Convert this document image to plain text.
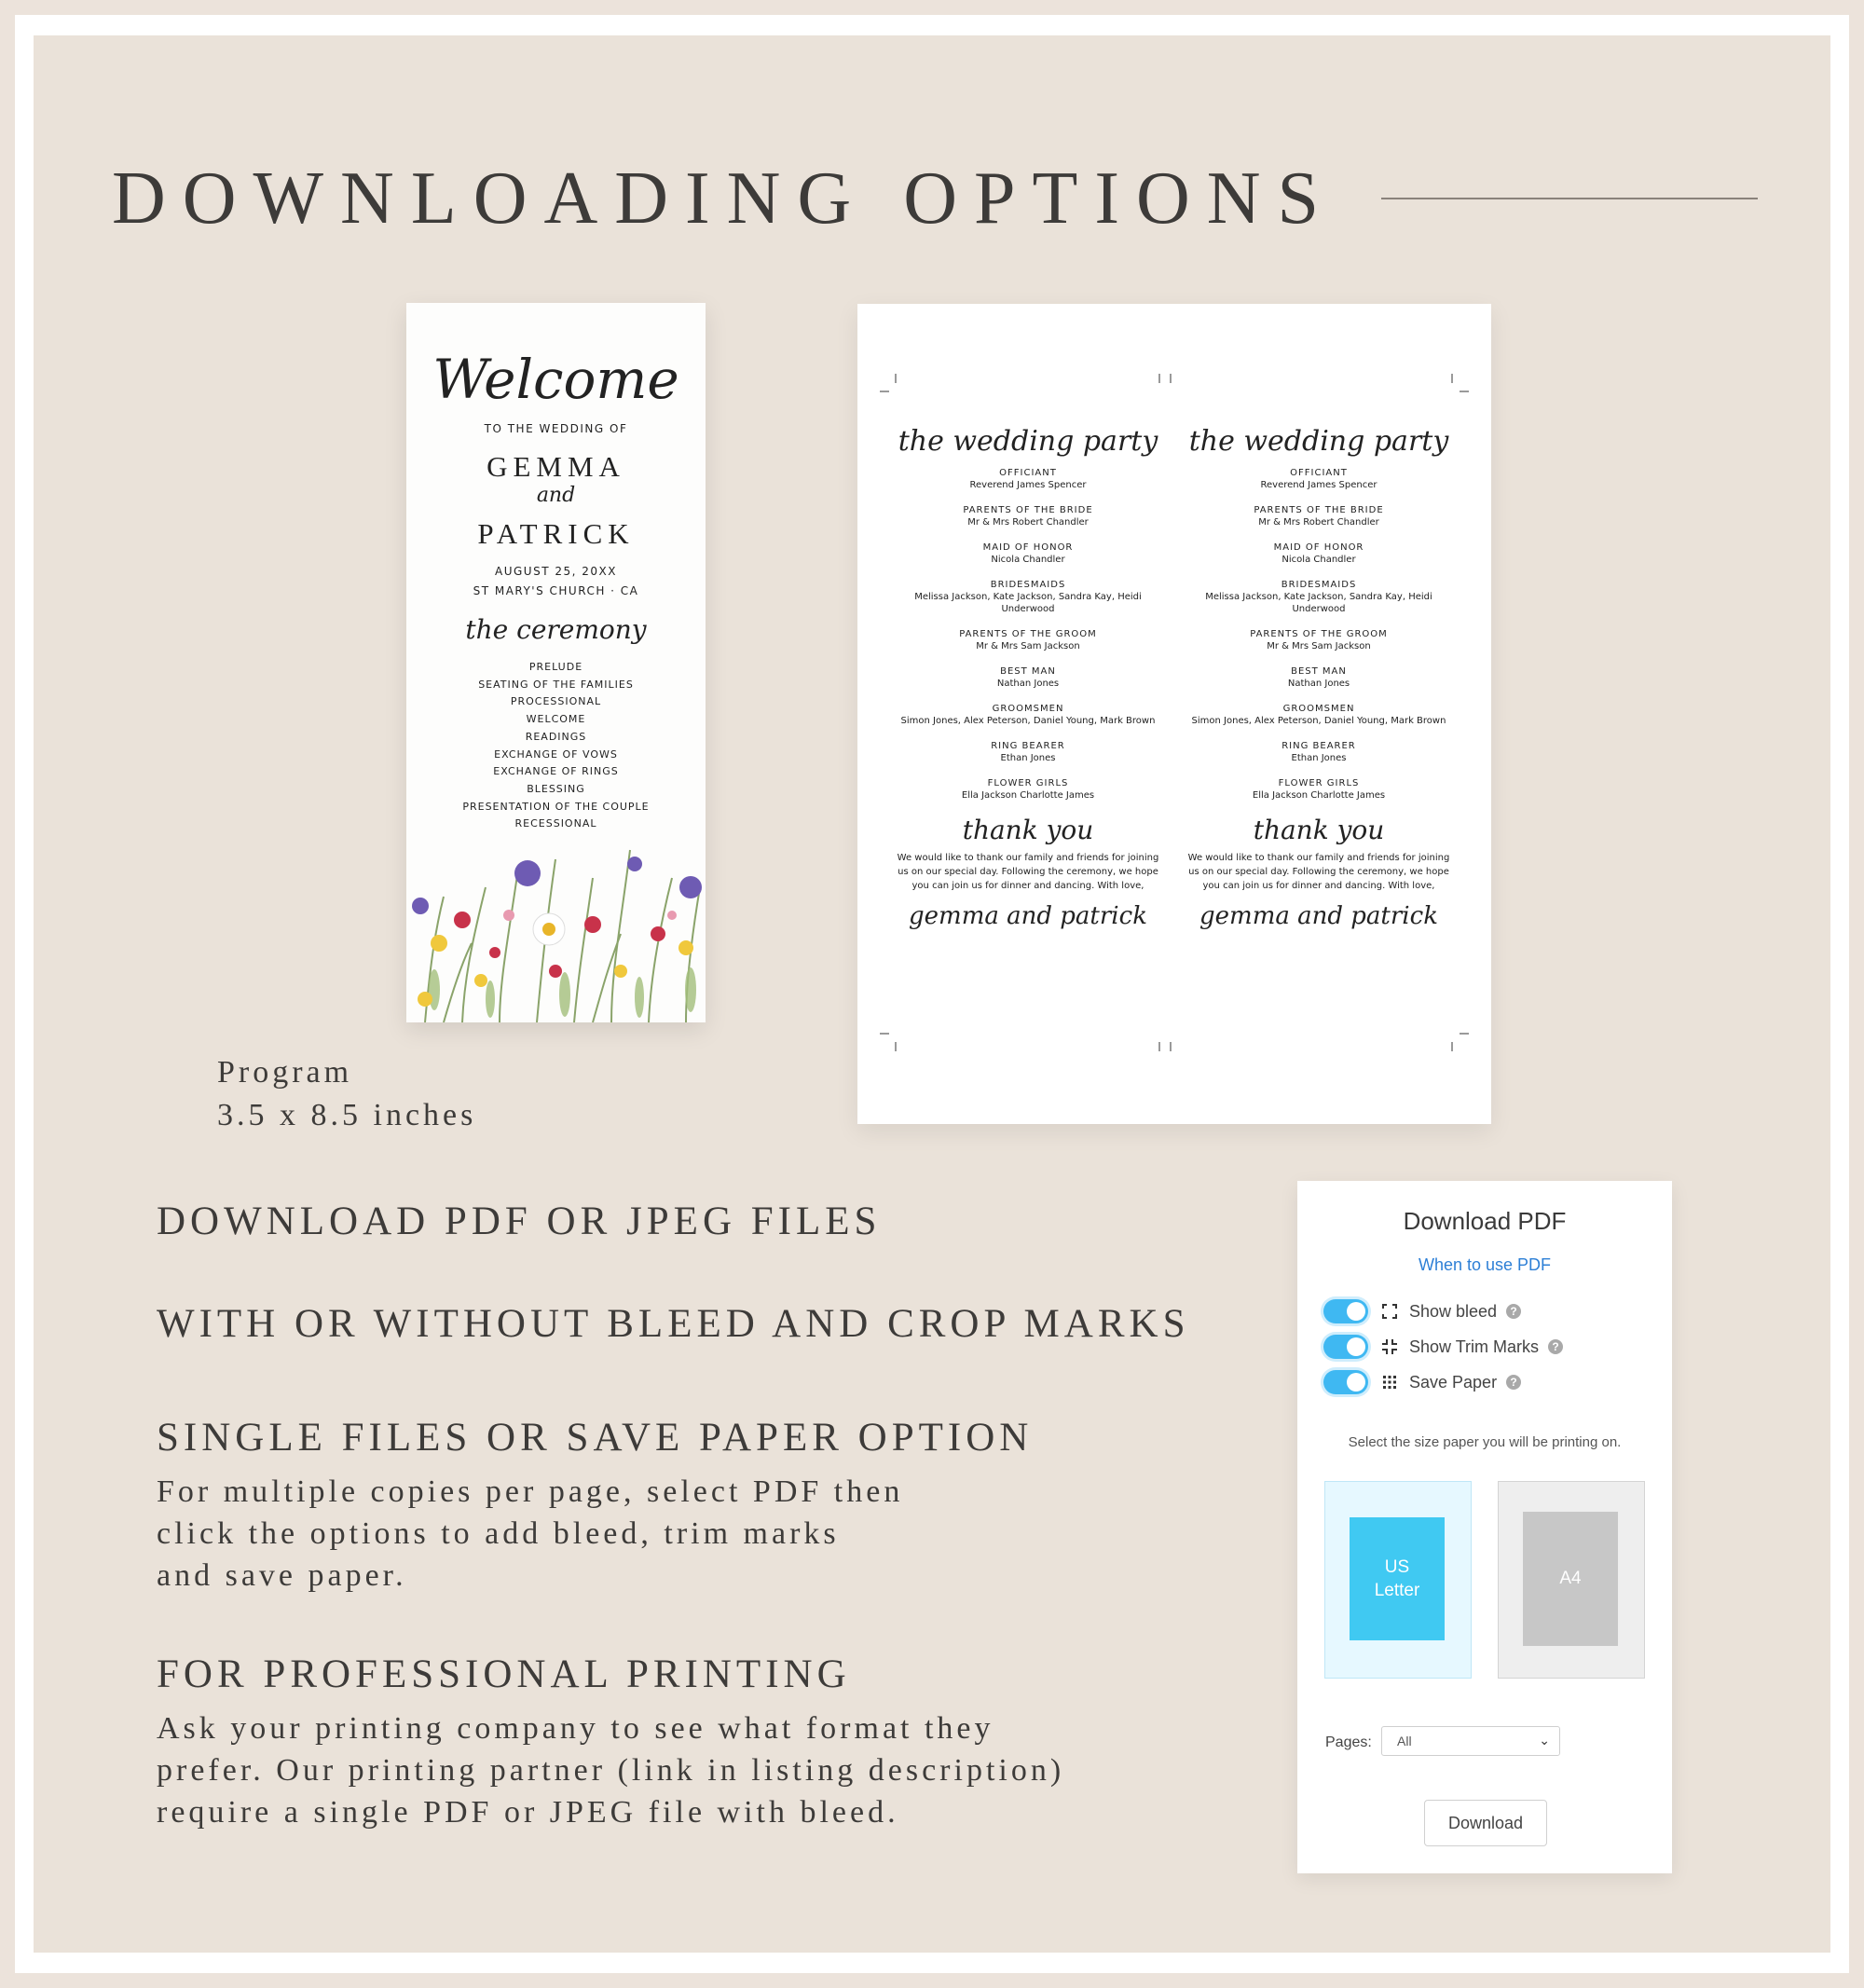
DOWNLOADING OPTIONS
Welcome
TO THE WEDDING OF
GEMMA
and
PATRICK
AUGUST 25, 20XX
ST MARY'S CHURCH · CA
the ceremony
PRELUDE
SEATING OF THE FAMILIES
PROCESSIONAL
WELCOME
READINGS
EXCHANGE OF VOWS
EXCHANGE OF RINGS
BLESSING
PRESENTATION OF THE COUPLE
RECESSIONAL
Program
3.5 x 8.5 inches
the wedding party
OFFICIANT
Reverend James Spencer
PARENTS OF THE BRIDE
Mr & Mrs Robert Chandler
MAID OF HONOR
Nicola Chandler
BRIDESMAIDS
Melissa Jackson, Kate Jackson, Sandra Kay, Heidi Underwood
PARENTS OF THE GROOM
Mr & Mrs Sam Jackson
BEST MAN
Nathan Jones
GROOMSMEN
Simon Jones, Alex Peterson, Daniel Young, Mark Brown
RING BEARER
Ethan Jones
FLOWER GIRLS
Ella Jackson Charlotte James
thank you
We would like to thank our family and friends for joining us on our special day. Following the ceremony, we hope you can join us for dinner and dancing. With love,
gemma and patrick
the wedding party
OFFICIANT
Reverend James Spencer
PARENTS OF THE BRIDE
Mr & Mrs Robert Chandler
MAID OF HONOR
Nicola Chandler
BRIDESMAIDS
Melissa Jackson, Kate Jackson, Sandra Kay, Heidi Underwood
PARENTS OF THE GROOM
Mr & Mrs Sam Jackson
BEST MAN
Nathan Jones
GROOMSMEN
Simon Jones, Alex Peterson, Daniel Young, Mark Brown
RING BEARER
Ethan Jones
FLOWER GIRLS
Ella Jackson Charlotte James
thank you
We would like to thank our family and friends for joining us on our special day. Following the ceremony, we hope you can join us for dinner and dancing. With love,
gemma and patrick
DOWNLOAD PDF OR JPEG FILES
WITH OR WITHOUT BLEED AND CROP MARKS
SINGLE FILES OR SAVE PAPER OPTION
For multiple copies per page, select PDF then
click the options to add bleed, trim marks
and save paper.
FOR PROFESSIONAL PRINTING
Ask your printing company to see what format they
prefer. Our printing partner (link in listing description)
require a single PDF or JPEG file with bleed.
Download PDF
When to use PDF
Show bleed	?
Show Trim Marks	?
Save Paper	?
Select the size paper you will be printing on.
US
Letter
A4
Pages: All	⌄
Download
